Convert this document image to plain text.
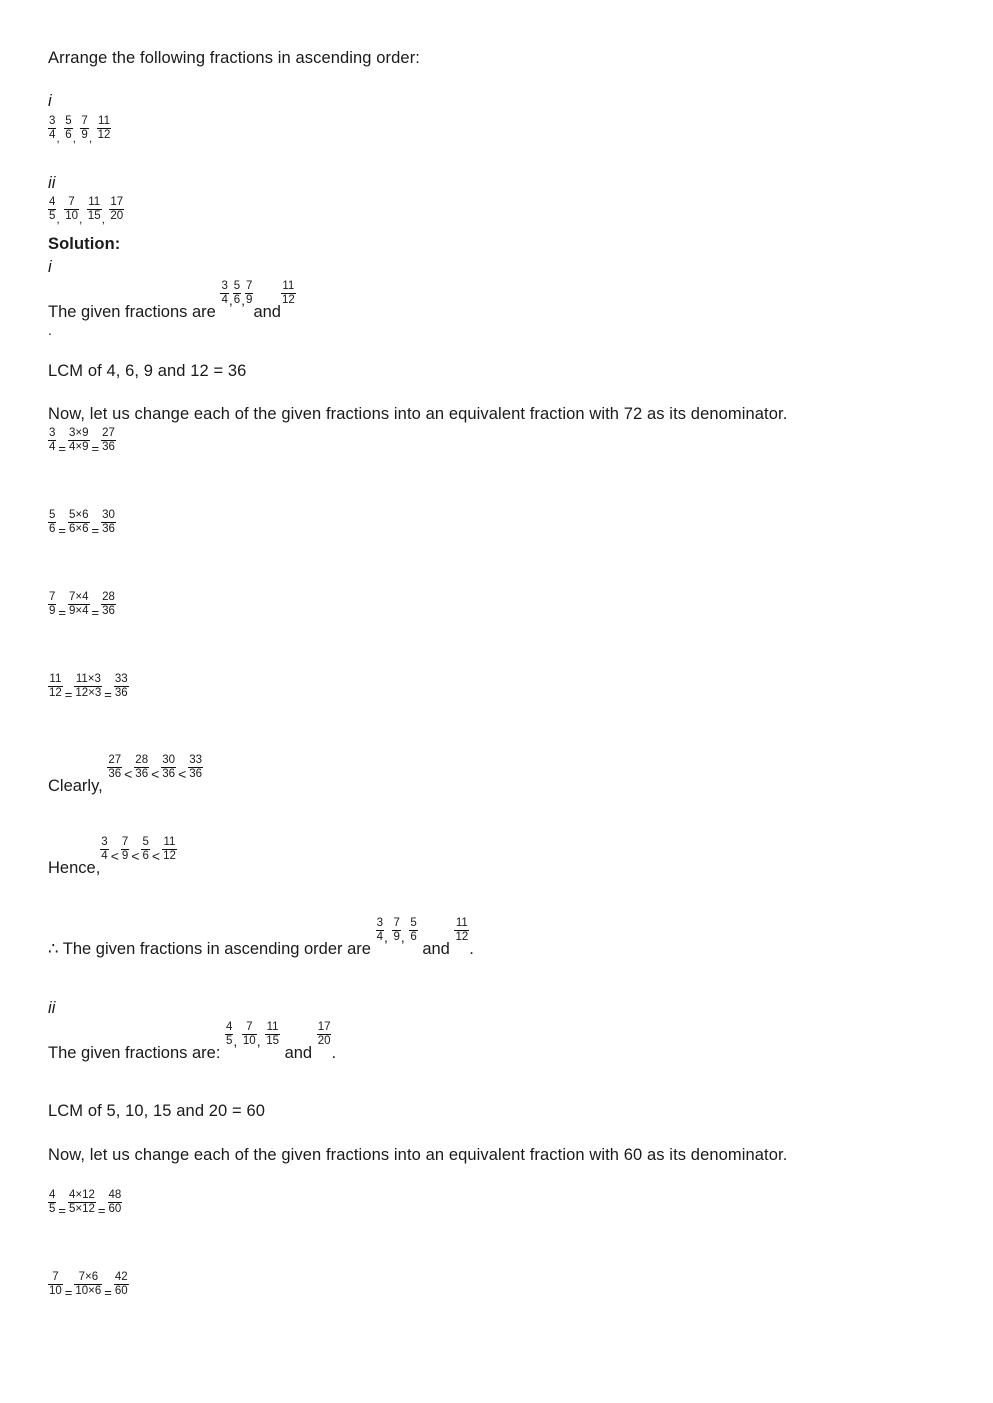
Arrange the following fractions in ascending order:
i
$\frac{3}{4}$ , $\frac{5}{6}$ , $\frac{7}{9}$ , $\frac{11}{12}$
ii
$\frac{4}{5}$ , $\frac{7}{10}$ , $\frac{11}{15}$ , $\frac{17}{20}$
Solution:
i
The given fractions are
$\frac{3}{4}$ , $\frac{5}{6}$ , $\frac{7}{9}$
and
$\frac{11}{12}$
.
LCM of 4, 6, 9 and 12 = 36
Now, let us change each of the given fractions into an equivalent fraction with 72 as its denominator.
$\frac{3}{4} = \frac{3\times 9}{4\times 9} = \frac{27}{36}$
$\frac{5}{6} = \frac{5\times 6}{6\times 6} = \frac{30}{36}$
$\frac{7}{9} = \frac{7\times 4}{9\times 4} = \frac{28}{36}$
$\frac{11}{12} = \frac{11\times 3}{12\times 3} = \frac{33}{36}$
Clearly,
$\frac{27}{36} < \frac{28}{36} < \frac{30}{36} < \frac{33}{36}$
Hence,
$\frac{3}{4} < \frac{7}{9} < \frac{5}{6} < \frac{11}{12}$
∴ The given fractions in ascending order are
$\frac{3}{4}$ , $\frac{7}{9}$ , $\frac{5}{6}$
and
$\frac{11}{12}$
.
ii
The given fractions are:
$\frac{4}{5}$ , $\frac{7}{10}$ , $\frac{11}{15}$
and
$\frac{17}{20}$
.
LCM of 5, 10, 15 and 20 = 60
Now, let us change each of the given fractions into an equivalent fraction with 60 as its denominator.
$\frac{4}{5} = \frac{4\times 12}{5\times 12} = \frac{48}{60}$
$\frac{7}{10} = \frac{7\times 6}{10\times 6} = \frac{42}{60}$
